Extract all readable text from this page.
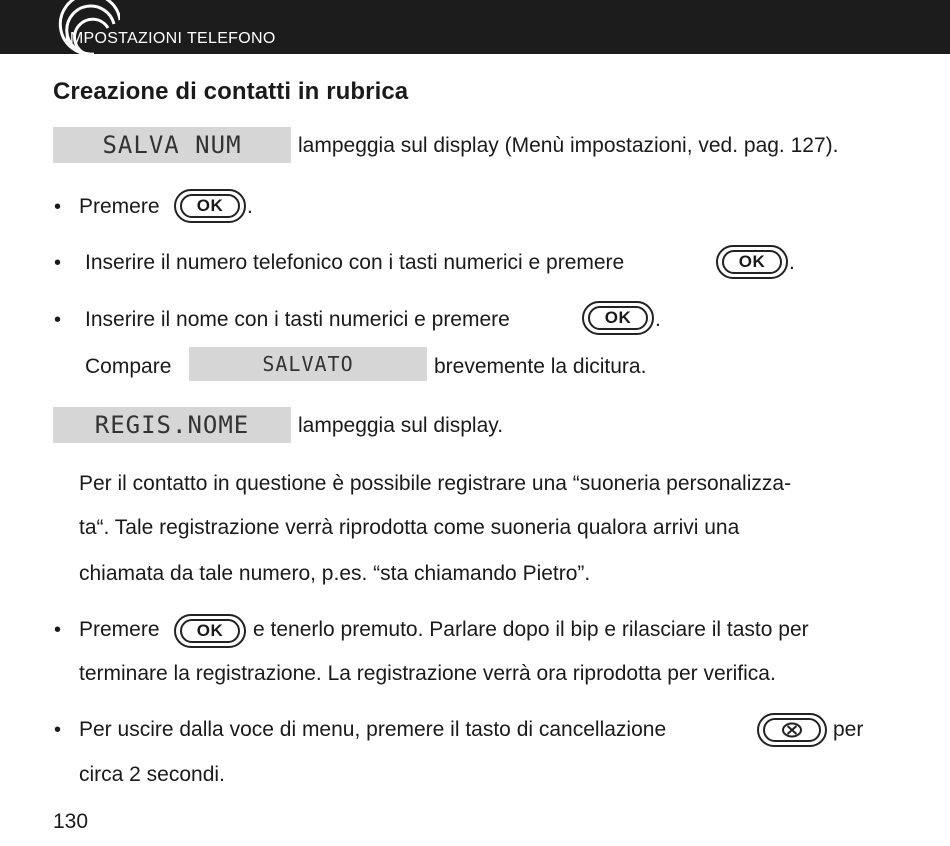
IMPOSTAZIONI TELEFONO
Creazione di contatti in rubrica
SALVA NUM	lampeggia sul display (Menù impostazioni, ved. pag. 127).
• Premere	OK	.
• Inserire il numero telefonico con i tasti numerici e premere	OK	.
• Inserire il nome con i tasti numerici e premere	OK	.
Compare	SALVATO	brevemente la dicitura.
REGIS.NOME	lampeggia sul display.
Per il contatto in questione è possibile registrare una “suoneria personalizza-
ta“. Tale registrazione verrà riprodotta come suoneria qualora arrivi una
chiamata da tale numero, p.es. “sta chiamando Pietro”.
• Premere	OK	e tenerlo premuto. Parlare dopo il bip e rilasciare il tasto per
terminare la registrazione. La registrazione verrà ora riprodotta per verifica.
• Per uscire dalla voce di menu, premere il tasto di cancellazione	per
circa 2 secondi.
130
